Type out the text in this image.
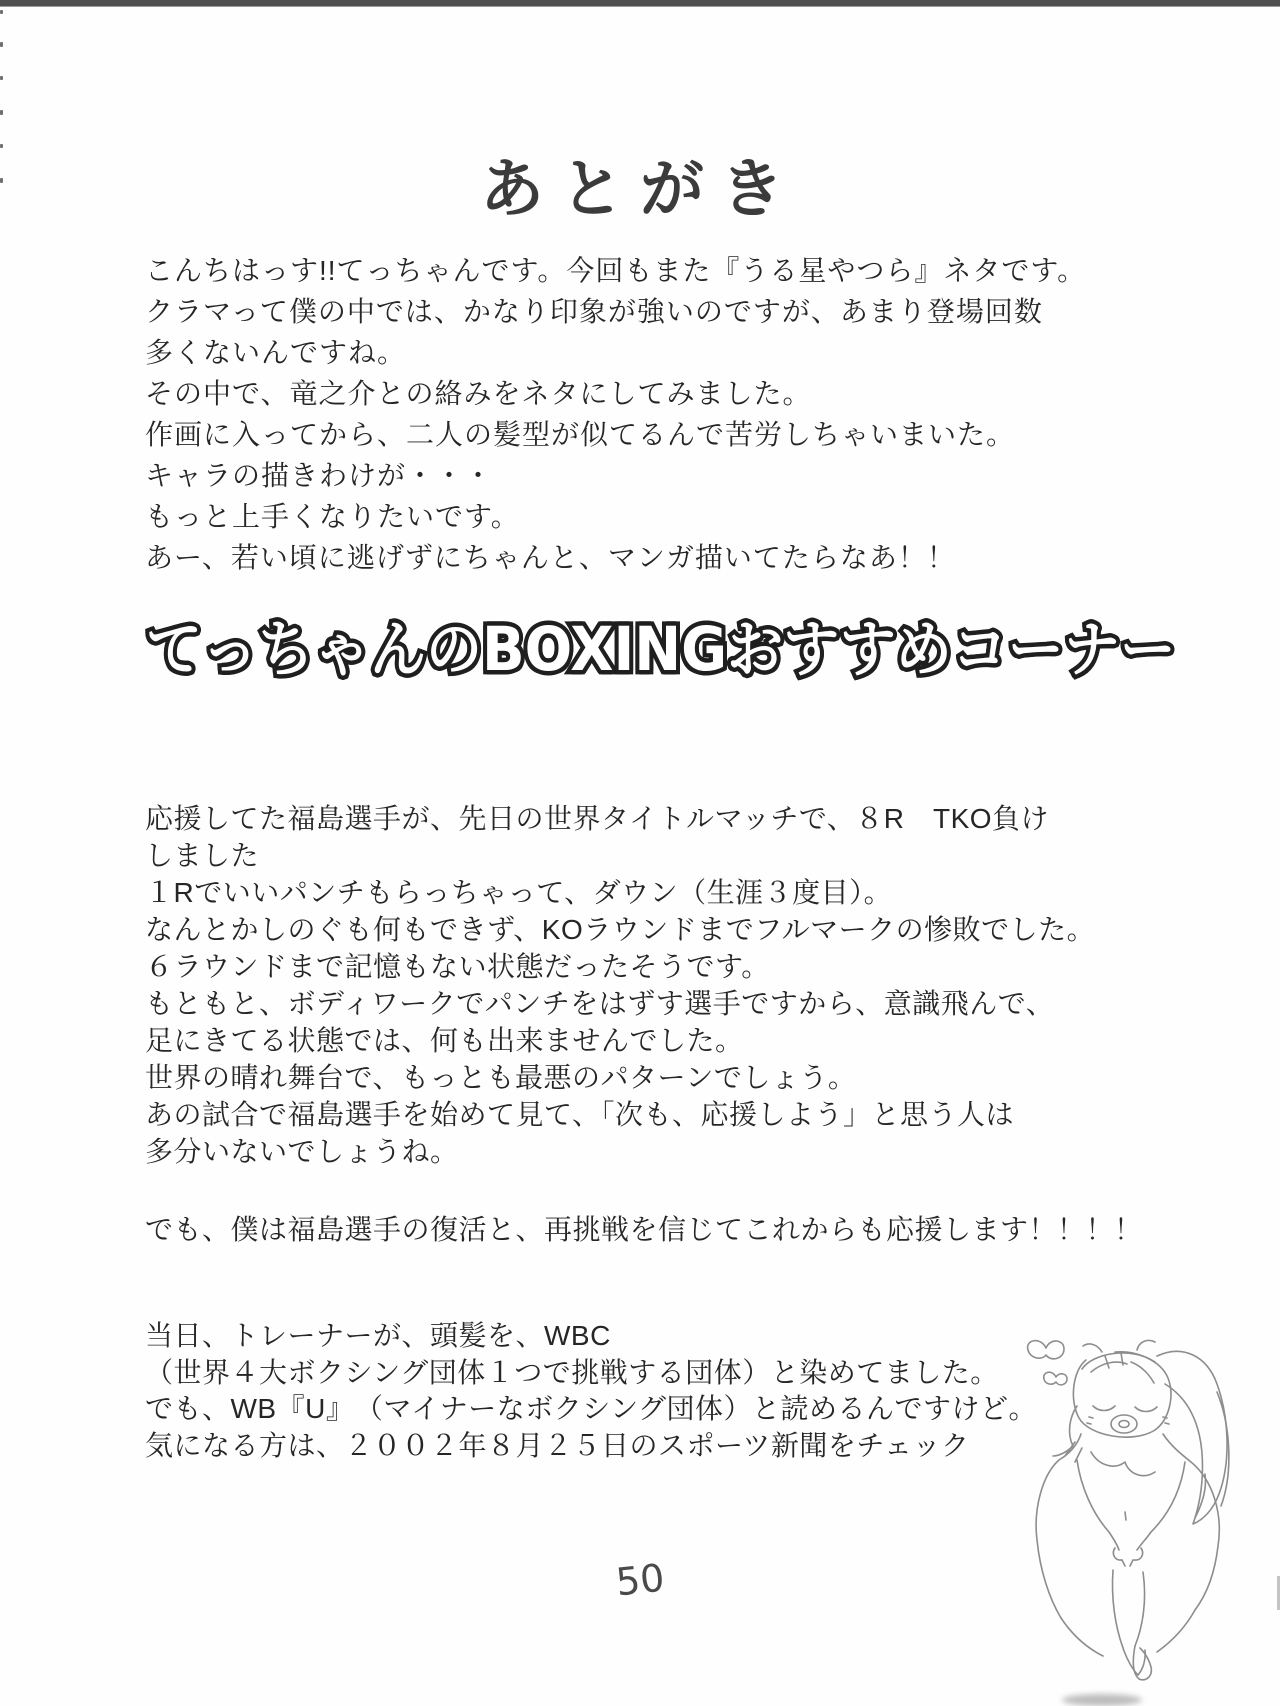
あとがき
こんちはっす!!てっちゃんです。今回もまた『うる星やつら』ネタです。
クラマって僕の中では、かなり印象が強いのですが、あまり登場回数
多くないんですね。
その中で、竜之介との絡みをネタにしてみました。
作画に入ってから、二人の髪型が似てるんで苦労しちゃいまいた。
キャラの描きわけが・・・
もっと上手くなりたいです。
あー、若い頃に逃げずにちゃんと、マンガ描いてたらなあ！！
てっちゃんのBOXINGおすすめコーナー
応援してた福島選手が、先日の世界タイトルマッチで、８R　TKO負け
しました
１Rでいいパンチもらっちゃって、ダウン（生涯３度目）。
なんとかしのぐも何もできず、KOラウンドまでフルマークの惨敗でした。
６ラウンドまで記憶もない状態だったそうです。
もともと、ボディワークでパンチをはずす選手ですから、意識飛んで、
足にきてる状態では、何も出来ませんでした。
世界の晴れ舞台で、もっとも最悪のパターンでしょう。
あの試合で福島選手を始めて見て、「次も、応援しよう」と思う人は
多分いないでしょうね。

でも、僕は福島選手の復活と、再挑戦を信じてこれからも応援します！！！！

当日、トレーナーが、頭髪を、WBC
（世界４大ボクシング団体１つで挑戦する団体）と染めてました。
でも、WB『U』　（マイナーなボクシング団体）と読めるんですけど。
気になる方は、２００２年８月２５日のスポーツ新聞をチェック

50
